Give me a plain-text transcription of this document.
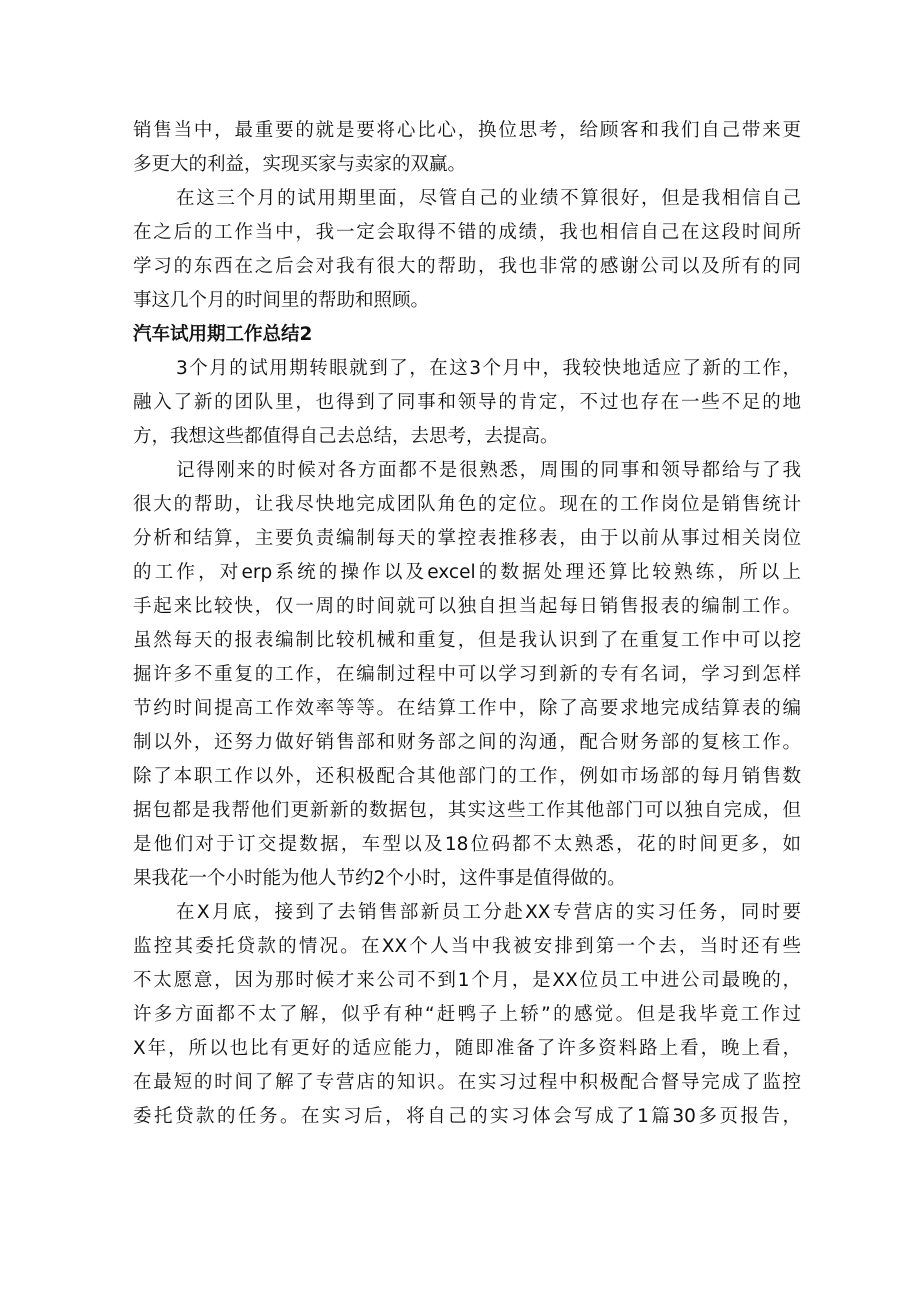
销售当中，最重要的就是要将心比心，换位思考，给顾客和我们自己带来更
多更大的利益，实现买家与卖家的双赢。
在这三个月的试用期里面，尽管自己的业绩不算很好，但是我相信自己
在之后的工作当中，我一定会取得不错的成绩，我也相信自己在这段时间所
学习的东西在之后会对我有很大的帮助，我也非常的感谢公司以及所有的同
事这几个月的时间里的帮助和照顾。
汽车试用期工作总结2
3个月的试用期转眼就到了，在这3个月中，我较快地适应了新的工作，
融入了新的团队里，也得到了同事和领导的肯定，不过也存在一些不足的地
方，我想这些都值得自己去总结，去思考，去提高。
记得刚来的时候对各方面都不是很熟悉，周围的同事和领导都给与了我
很大的帮助，让我尽快地完成团队角色的定位。现在的工作岗位是销售统计
分析和结算，主要负责编制每天的掌控表推移表，由于以前从事过相关岗位
的工作，对erp系统的操作以及excel的数据处理还算比较熟练，所以上
手起来比较快，仅一周的时间就可以独自担当起每日销售报表的编制工作。
虽然每天的报表编制比较机械和重复，但是我认识到了在重复工作中可以挖
掘许多不重复的工作，在编制过程中可以学习到新的专有名词，学习到怎样
节约时间提高工作效率等等。在结算工作中，除了高要求地完成结算表的编
制以外，还努力做好销售部和财务部之间的沟通，配合财务部的复核工作。
除了本职工作以外，还积极配合其他部门的工作，例如市场部的每月销售数
据包都是我帮他们更新新的数据包，其实这些工作其他部门可以独自完成，但
是他们对于订交提数据，车型以及18位码都不太熟悉，花的时间更多，如
果我花一个小时能为他人节约2个小时，这件事是值得做的。
在X月底，接到了去销售部新员工分赴XX专营店的实习任务，同时要
监控其委托贷款的情况。在XX个人当中我被安排到第一个去，当时还有些
不太愿意，因为那时候才来公司不到1个月，是XX位员工中进公司最晚的，
许多方面都不太了解，似乎有种“赶鸭子上轿”的感觉。但是我毕竟工作过
X年，所以也比有更好的适应能力，随即准备了许多资料路上看，晚上看，
在最短的时间了解了专营店的知识。在实习过程中积极配合督导完成了监控
委托贷款的任务。在实习后，将自己的实习体会写成了1篇30多页报告，
